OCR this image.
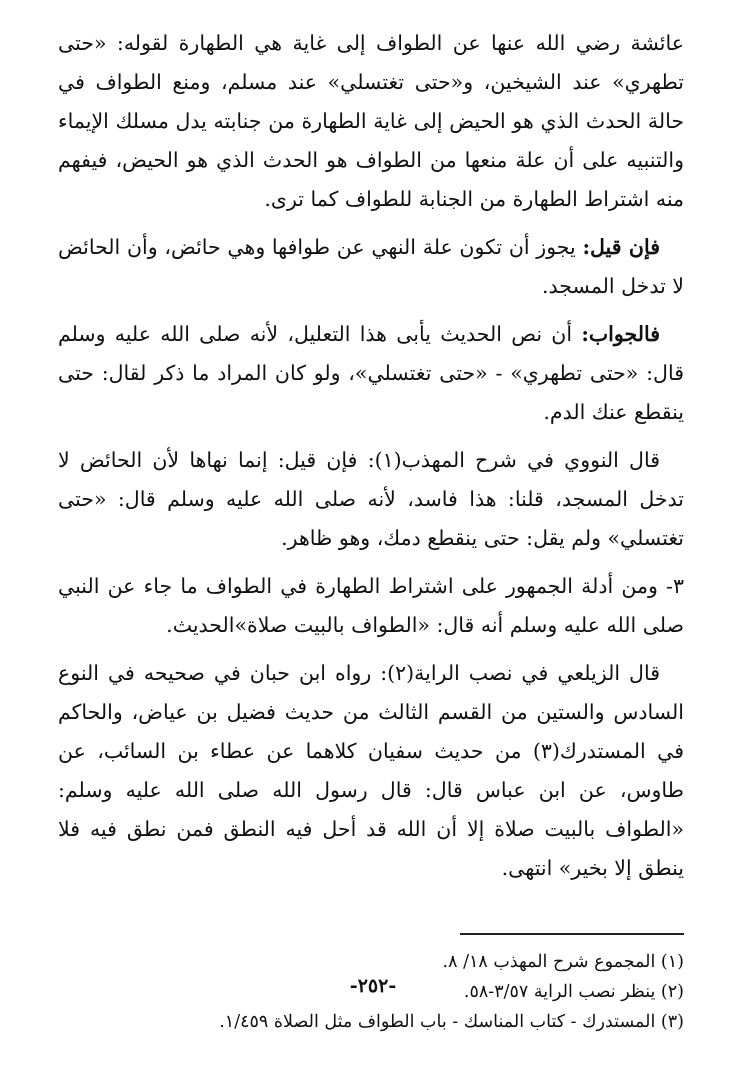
عائشة رضي الله عنها عن الطواف إلى غاية هي الطهارة لقوله: «حتى تطهري» عند الشيخين، و«حتى تغتسلي» عند مسلم، ومنع الطواف في حالة الحدث الذي هو الحيض إلى غاية الطهارة من جنابته يدل مسلك الإيماء والتنبيه على أن علة منعها من الطواف هو الحدث الذي هو الحيض، فيفهم منه اشتراط الطهارة من الجنابة للطواف كما ترى.

فإن قيل: يجوز أن تكون علة النهي عن طوافها وهي حائض، وأن الحائض لا تدخل المسجد.

فالجواب: أن نص الحديث يأبى هذا التعليل، لأنه صلى الله عليه وسلم قال: «حتى تطهري» - «حتى تغتسلي»، ولو كان المراد ما ذكر لقال: حتى ينقطع عنك الدم.

قال النووي في شرح المهذب(١): فإن قيل: إنما نهاها لأن الحائض لا تدخل المسجد، قلنا: هذا فاسد، لأنه صلى الله عليه وسلم قال: «حتى تغتسلي» ولم يقل: حتى ينقطع دمك، وهو ظاهر.

٣- ومن أدلة الجمهور على اشتراط الطهارة في الطواف ما جاء عن النبي صلى الله عليه وسلم أنه قال: «الطواف بالبيت صلاة»الحديث.

قال الزيلعي في نصب الراية(٢): رواه ابن حبان في صحيحه في النوع السادس والستين من القسم الثالث من حديث فضيل بن عياض، والحاكم في المستدرك(٣) من حديث سفيان كلاهما عن عطاء بن السائب، عن طاوس، عن ابن عباس قال: قال رسول الله صلى الله عليه وسلم: «الطواف بالبيت صلاة إلا أن الله قد أحل فيه النطق فمن نطق فيه فلا ينطق إلا بخير» انتهى.

(١) المجموع شرح المهذب ١٨/ ٨.

(٢) ينظر نصب الراية ٣/٥٧-٥٨.

(٣) المستدرك - كتاب المناسك - باب الطواف مثل الصلاة ١/٤٥٩.

-٢٥٢-
